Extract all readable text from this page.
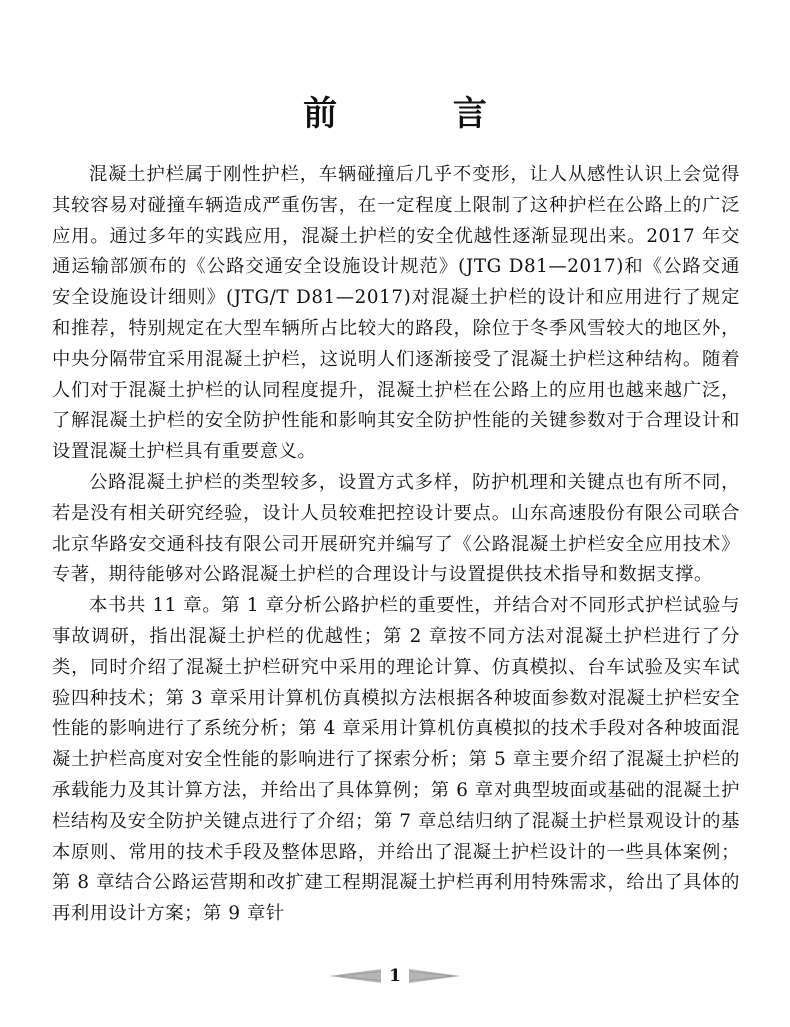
前 言

混凝土护栏属于刚性护栏，车辆碰撞后几乎不变形，让人从感性认识上会觉得其较容易对碰撞车辆造成严重伤害，在一定程度上限制了这种护栏在公路上的广泛应用。通过多年的实践应用，混凝土护栏的安全优越性逐渐显现出来。2017 年交通运输部颁布的《公路交通安全设施设计规范》(JTG D81—2017)和《公路交通安全设施设计细则》(JTG/T D81—2017)对混凝土护栏的设计和应用进行了规定和推荐，特别规定在大型车辆所占比较大的路段，除位于冬季风雪较大的地区外，中央分隔带宜采用混凝土护栏，这说明人们逐渐接受了混凝土护栏这种结构。随着人们对于混凝土护栏的认同程度提升，混凝土护栏在公路上的应用也越来越广泛，了解混凝土护栏的安全防护性能和影响其安全防护性能的关键参数对于合理设计和设置混凝土护栏具有重要意义。

公路混凝土护栏的类型较多，设置方式多样，防护机理和关键点也有所不同，若是没有相关研究经验，设计人员较难把控设计要点。山东高速股份有限公司联合北京华路安交通科技有限公司开展研究并编写了《公路混凝土护栏安全应用技术》专著，期待能够对公路混凝土护栏的合理设计与设置提供技术指导和数据支撑。

本书共 11 章。第 1 章分析公路护栏的重要性，并结合对不同形式护栏试验与事故调研，指出混凝土护栏的优越性；第 2 章按不同方法对混凝土护栏进行了分类，同时介绍了混凝土护栏研究中采用的理论计算、仿真模拟、台车试验及实车试验四种技术；第 3 章采用计算机仿真模拟方法根据各种坡面参数对混凝土护栏安全性能的影响进行了系统分析；第 4 章采用计算机仿真模拟的技术手段对各种坡面混凝土护栏高度对安全性能的影响进行了探索分析；第 5 章主要介绍了混凝土护栏的承载能力及其计算方法，并给出了具体算例；第 6 章对典型坡面或基础的混凝土护栏结构及安全防护关键点进行了介绍；第 7 章总结归纳了混凝土护栏景观设计的基本原则、常用的技术手段及整体思路，并给出了混凝土护栏设计的一些具体案例；第 8 章结合公路运营期和改扩建工程期混凝土护栏再利用特殊需求，给出了具体的再利用设计方案；第 9 章针

1
